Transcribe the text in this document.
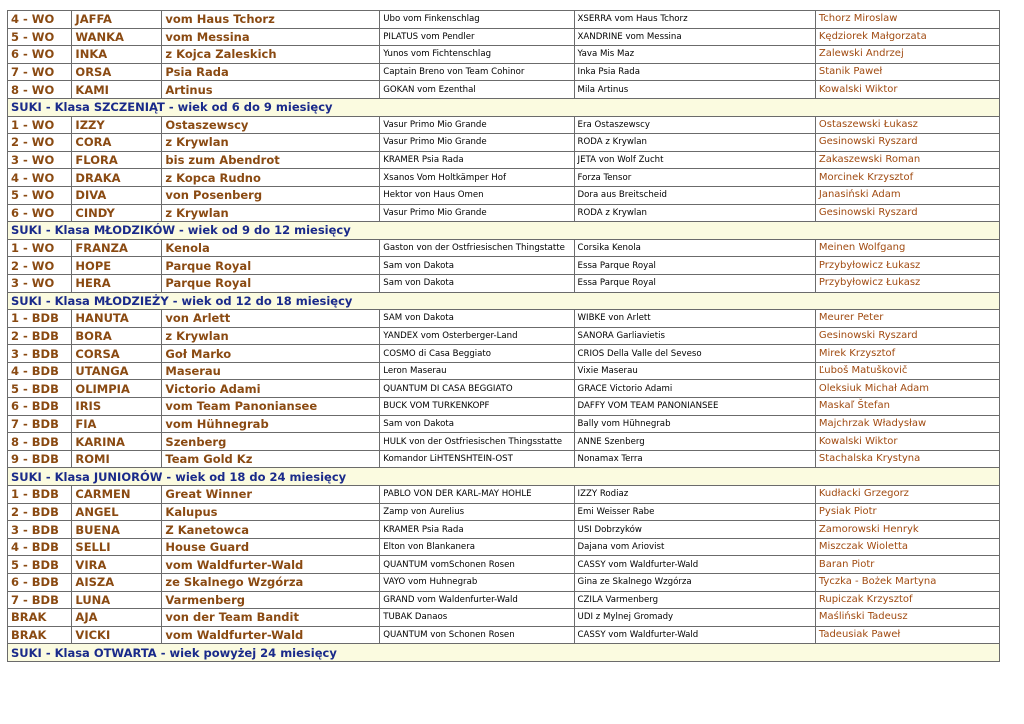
4 - WO	JAFFA	vom Haus Tchorz	Ubo vom Finkenschlag	XSERRA vom Haus Tchorz	Tchorz Miroslaw
5 - WO	WANKA	vom Messina	PILATUS vom Pendler	XANDRINE vom Messina	Kędziorek Małgorzata
6 - WO	INKA	z Kojca Zaleskich	Yunos vom Fichtenschlag	Yava Mis Maz	Zalewski Andrzej
7 - WO	ORSA	Psia Rada	Captain Breno von Team Cohinor	Inka Psia Rada	Stanik Paweł
8 - WO	KAMI	Artinus	GOKAN vom Ezenthal	Mila Artinus	Kowalski Wiktor
SUKI - Klasa SZCZENIĄT - wiek od 6 do 9 miesięcy					
1 - WO	IZZY	Ostaszewscy	Vasur Primo Mio Grande	Era Ostaszewscy	Ostaszewski Łukasz
2 - WO	CORA	z Krywlan	Vasur Primo Mio Grande	RODA z Krywlan	Gesinowski Ryszard
3 - WO	FLORA	bis zum Abendrot	KRAMER Psia Rada	JETA von Wolf Zucht	Zakaszewski Roman
4 - WO	DRAKA	z Kopca Rudno	Xsanos Vom Holtkämper Hof	Forza Tensor	Morcinek Krzysztof
5 - WO	DIVA	von Posenberg	Hektor von Haus Omen	Dora aus Breitscheid	Janasiński Adam
6 - WO	CINDY	z Krywlan	Vasur Primo Mio Grande	RODA z Krywlan	Gesinowski Ryszard
SUKI - Klasa MŁODZIKÓW - wiek od 9 do 12 miesięcy					
1 - WO	FRANZA	Kenola	Gaston von der Ostfriesischen Thingstatte	Corsika Kenola	Meinen Wolfgang
2 - WO	HOPE	Parque Royal	Sam von Dakota	Essa Parque Royal	Przybyłowicz Łukasz
3 - WO	HERA	Parque Royal	Sam von Dakota	Essa Parque Royal	Przybyłowicz Łukasz
SUKI - Klasa MŁODZIEŻY - wiek od 12 do 18 miesięcy					
1 - BDB	HANUTA	von Arlett	SAM von Dakota	WIBKE von Arlett	Meurer Peter
2 - BDB	BORA	z Krywlan	YANDEX vom Osterberger-Land	SANORA Garliavietis	Gesinowski Ryszard
3 - BDB	CORSA	Goł Marko	COSMO di Casa Beggiato	CRIOS Della Valle del Seveso	Mirek Krzysztof
4 - BDB	UTANGA	Maserau	Leron Maserau	Vixie Maserau	Ľuboš Matuškovič
5 - BDB	OLIMPIA	Victorio Adami	QUANTUM DI CASA BEGGIATO	GRACE Victorio Adami	Oleksiuk Michał Adam
6 - BDB	IRIS	vom Team Panoniansee	BUCK VOM TURKENKOPF	DAFFY VOM TEAM PANONIANSEE	Maskaľ Štefan
7 - BDB	FIA	vom Hühnegrab	Sam von Dakota	Bally vom Hühnegrab	Majchrzak Władysław
8 - BDB	KARINA	Szenberg	HULK von der Ostfriesischen Thingsstatte	ANNE Szenberg	Kowalski Wiktor
9 - BDB	ROMI	Team Gold Kz	Komandor LiHTENSHTEIN-OST	Nonamax Terra	Stachalska Krystyna
SUKI - Klasa JUNIORÓW - wiek od 18 do 24 miesięcy					
1 - BDB	CARMEN	Great Winner	PABLO VON DER KARL-MAY HOHLE	IZZY Rodiaz	Kudłacki Grzegorz
2 - BDB	ANGEL	Kalupus	Zamp von Aurelius	Emi Weisser Rabe	Pysiak Piotr
3 - BDB	BUENA	Z Kanetowca	KRAMER Psia Rada	USI Dobrzyków	Zamorowski Henryk
4 - BDB	SELLI	House Guard	Elton von Blankanera	Dajana vom Ariovist	Miszczak Wioletta
5 - BDB	VIRA	vom Waldfurter-Wald	QUANTUM vomSchonen Rosen	CASSY vom Waldfurter-Wald	Baran Piotr
6 - BDB	AISZA	ze Skalnego Wzgórza	VAYO vom Huhnegrab	Gina ze Skalnego Wzgórza	Tyczka - Bożek Martyna
7 - BDB	LUNA	Varmenberg	GRAND vom Waldenfurter-Wald	CZILA Varmenberg	Rupiczak Krzysztof
BRAK	AJA	von der Team Bandit	TUBAK Danaos	UDI z Mylnej Gromady	Maśliński Tadeusz
BRAK	VICKI	vom Waldfurter-Wald	QUANTUM von Schonen Rosen	CASSY vom Waldfurter-Wald	Tadeusiak Paweł
SUKI - Klasa OTWARTA - wiek powyżej 24 miesięcy					
